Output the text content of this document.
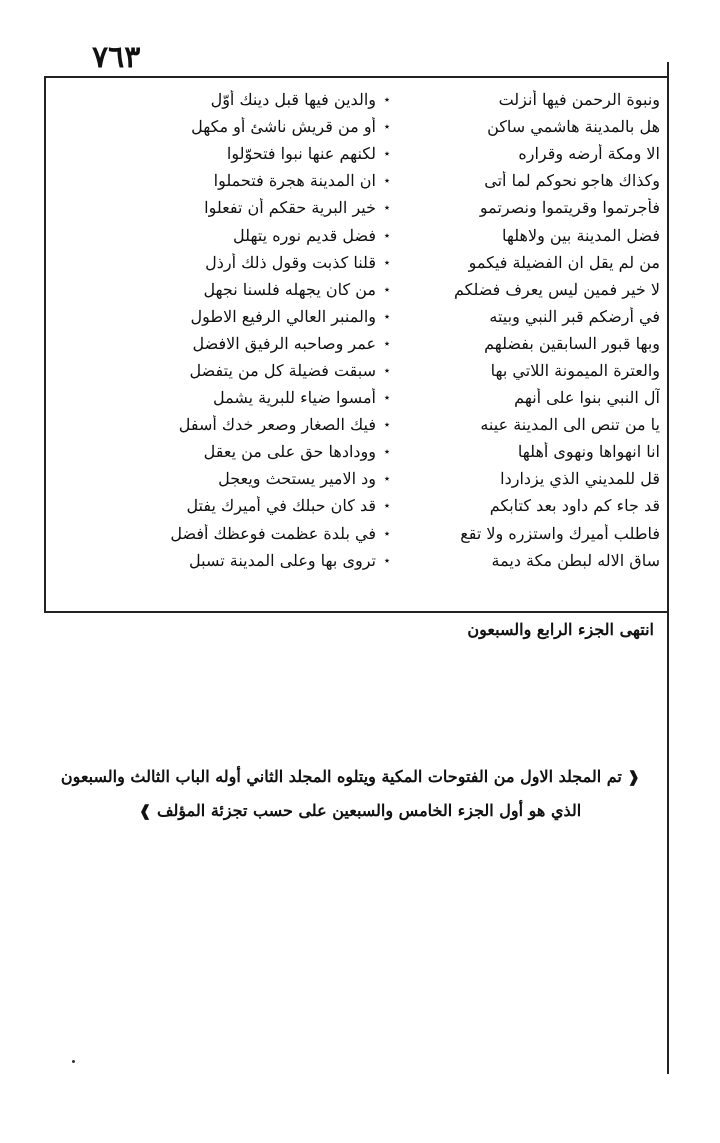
٧٦٣
ونبوة الرحمن فيها أنزلت
٭
والدين فيها قبل دينك أوّل
هل بالمدينة هاشمي ساكن
٭
أو من قريش ناشئ أو مكهل
الا ومكة أرضه وقراره
٭
لكنهم عنها نبوا فتحوّلوا
وكذاك هاجو نحوكم لما أتى
٭
ان المدينة هجرة فتحملوا
فأجرتموا وقريتموا ونصرتمو
٭
خير البرية حقكم أن تفعلوا
فضل المدينة بين ولاهلها
٭
فضل قديم نوره يتهلل
من لم يقل ان الفضيلة فيكمو
٭
قلنا كذبت وقول ذلك أرذل
لا خير فمين ليس يعرف فضلكم
٭
من كان يجهله فلسنا نجهل
في أرضكم قبر النبي وبيته
٭
والمنبر العالي الرفيع الاطول
وبها قبور السابقين بفضلهم
٭
عمر وصاحبه الرفيق الافضل
والعترة الميمونة اللاتي بها
٭
سبقت فضيلة كل من يتفضل
آل النبي بنوا على أنهم
٭
أمسوا ضياء للبرية يشمل
يا من تنص الى المدينة عينه
٭
فيك الصغار وصعر خدك أسفل
انا انهواها ونهوى أهلها
٭
وودادها حق على من يعقل
قل للمديني الذي يزداردا
٭
ود الامير يستحث ويعجل
قد جاء كم داود بعد كتابكم
٭
قد كان حبلك في أميرك يفتل
فاطلب أميرك واستزره ولا تقع
٭
في بلدة عظمت فوعظك أفضل
ساق الاله لبطن مكة ديمة
٭
تروى بها وعلى المدينة تسبل
انتهى الجزء الرابع والسبعون
❰ تم المجلد الاول من الفتوحات المكية ويتلوه المجلد الثاني أوله الباب الثالث والسبعون
الذي هو أول الجزء الخامس والسبعين على حسب تجزئة المؤلف ❱
